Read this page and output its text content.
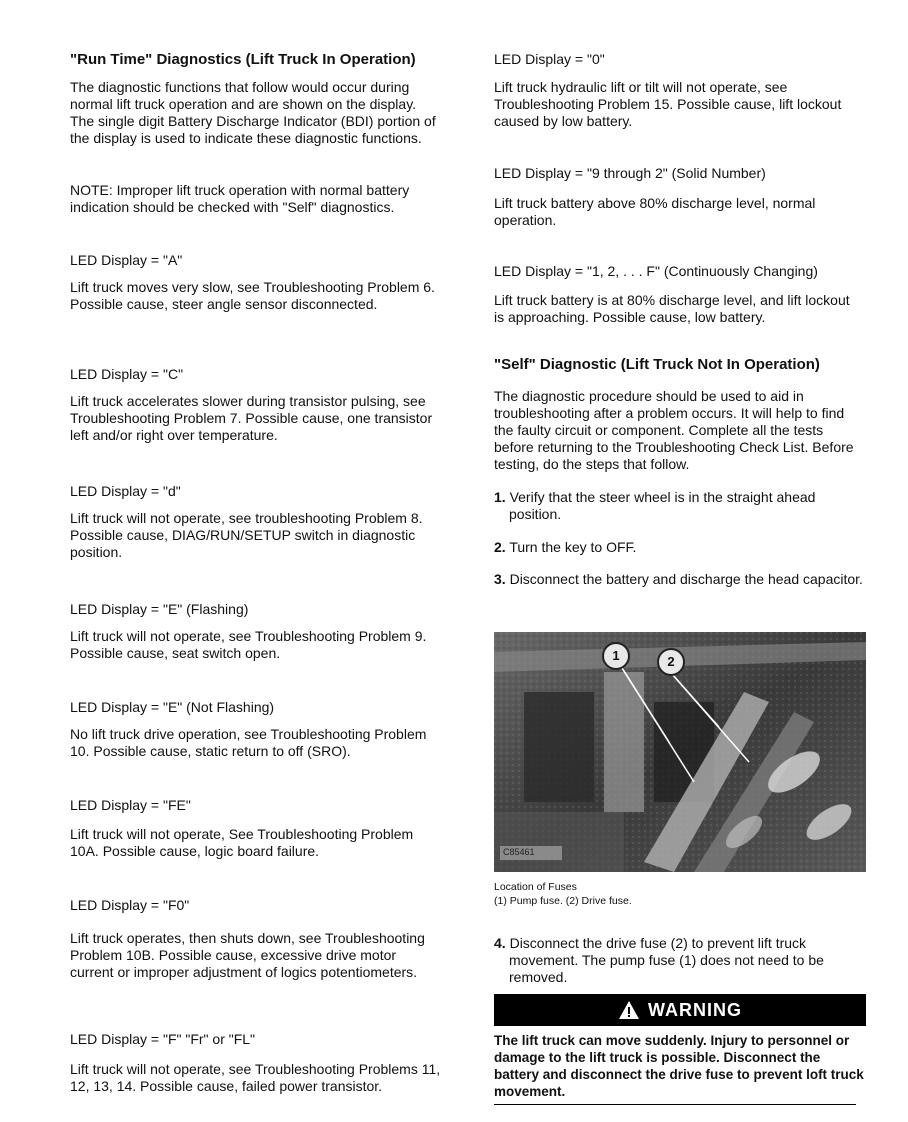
"Run Time" Diagnostics (Lift Truck In Operation)

The diagnostic functions that follow would occur during normal lift truck operation and are shown on the display. The single digit Battery Discharge Indicator (BDI) portion of the display is used to indicate these diagnostic functions.

NOTE: Improper lift truck operation with normal battery indication should be checked with "Self" diagnostics.

LED Display = "A"

Lift truck moves very slow, see Troubleshooting Problem 6. Possible cause, steer angle sensor disconnected.

LED Display = "C"

Lift truck accelerates slower during transistor pulsing, see Troubleshooting Problem 7. Possible cause, one transistor left and/or right over temperature.

LED Display = "d"

Lift truck will not operate, see troubleshooting Problem 8. Possible cause, DIAG/RUN/SETUP switch in diagnostic position.

LED Display = "E" (Flashing)

Lift truck will not operate, see Troubleshooting Problem 9. Possible cause, seat switch open.

LED Display = "E" (Not Flashing)

No lift truck drive operation, see Troubleshooting Problem 10. Possible cause, static return to off (SRO).

LED Display = "FE"

Lift truck will not operate, See Troubleshooting Problem 10A. Possible cause, logic board failure.

LED Display = "F0"

Lift truck operates, then shuts down, see Troubleshooting Problem 10B. Possible cause, excessive drive motor current or improper adjustment of logics potentiometers.

LED Display = "F" "Fr" or "FL"

Lift truck will not operate, see Troubleshooting Problems 11, 12, 13, 14. Possible cause, failed power transistor.

LED Display = "0"

Lift truck hydraulic lift or tilt will not operate, see Troubleshooting Problem 15. Possible cause, lift lockout caused by low battery.

LED Display = "9 through 2" (Solid Number)

Lift truck battery above 80% discharge level, normal operation.

LED Display = "1, 2, . . . F" (Continuously Changing)

Lift truck battery is at 80% discharge level, and lift lockout is approaching. Possible cause, low battery.

"Self" Diagnostic (Lift Truck Not In Operation)

The diagnostic procedure should be used to aid in troubleshooting after a problem occurs. It will help to find the faulty circuit or component. Complete all the tests before returning to the Troubleshooting Check List. Before testing, do the steps that follow.

1. Verify that the steer wheel is in the straight ahead position.

2. Turn the key to OFF.

3. Disconnect the battery and discharge the head capacitor.

1	2
C85461

Location of Fuses

(1) Pump fuse. (2) Drive fuse.

4. Disconnect the drive fuse (2) to prevent lift truck movement. The pump fuse (1) does not need to be removed.

WARNING

The lift truck can move suddenly. Injury to personnel or damage to the lift truck is possible. Disconnect the battery and disconnect the drive fuse to prevent loft truck movement.
